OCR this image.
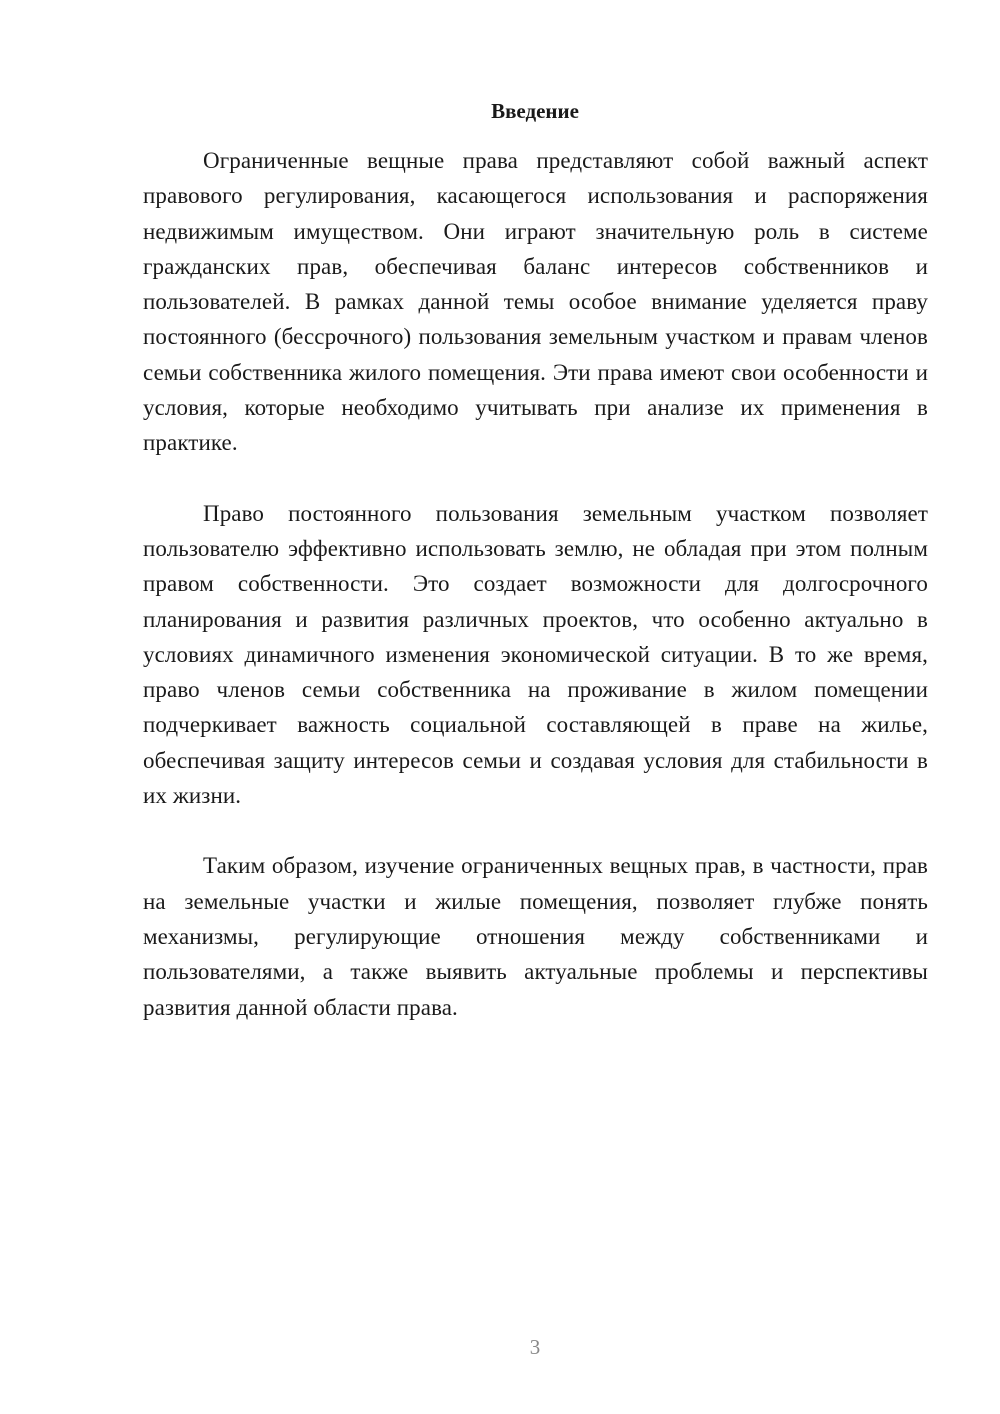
Введение

Ограниченные вещные права представляют собой важный аспект правового регулирования, касающегося использования и распоряжения недвижимым имуществом. Они играют значительную роль в системе гражданских прав, обеспечивая баланс интересов собственников и пользователей. В рамках данной темы особое внимание уделяется праву постоянного (бессрочного) пользования земельным участком и правам членов семьи собственника жилого помещения. Эти права имеют свои особенности и условия, которые необходимо учитывать при анализе их применения в практике.

Право постоянного пользования земельным участком позволяет пользователю эффективно использовать землю, не обладая при этом полным правом собственности. Это создает возможности для долгосрочного планирования и развития различных проектов, что особенно актуально в условиях динамичного изменения экономической ситуации. В то же время, право членов семьи собственника на проживание в жилом помещении подчеркивает важность социальной составляющей в праве на жилье, обеспечивая защиту интересов семьи и создавая условия для стабильности в их жизни.

Таким образом, изучение ограниченных вещных прав, в частности, прав на земельные участки и жилые помещения, позволяет глубже понять механизмы, регулирующие отношения между собственниками и пользователями, а также выявить актуальные проблемы и перспективы развития данной области права.

3
